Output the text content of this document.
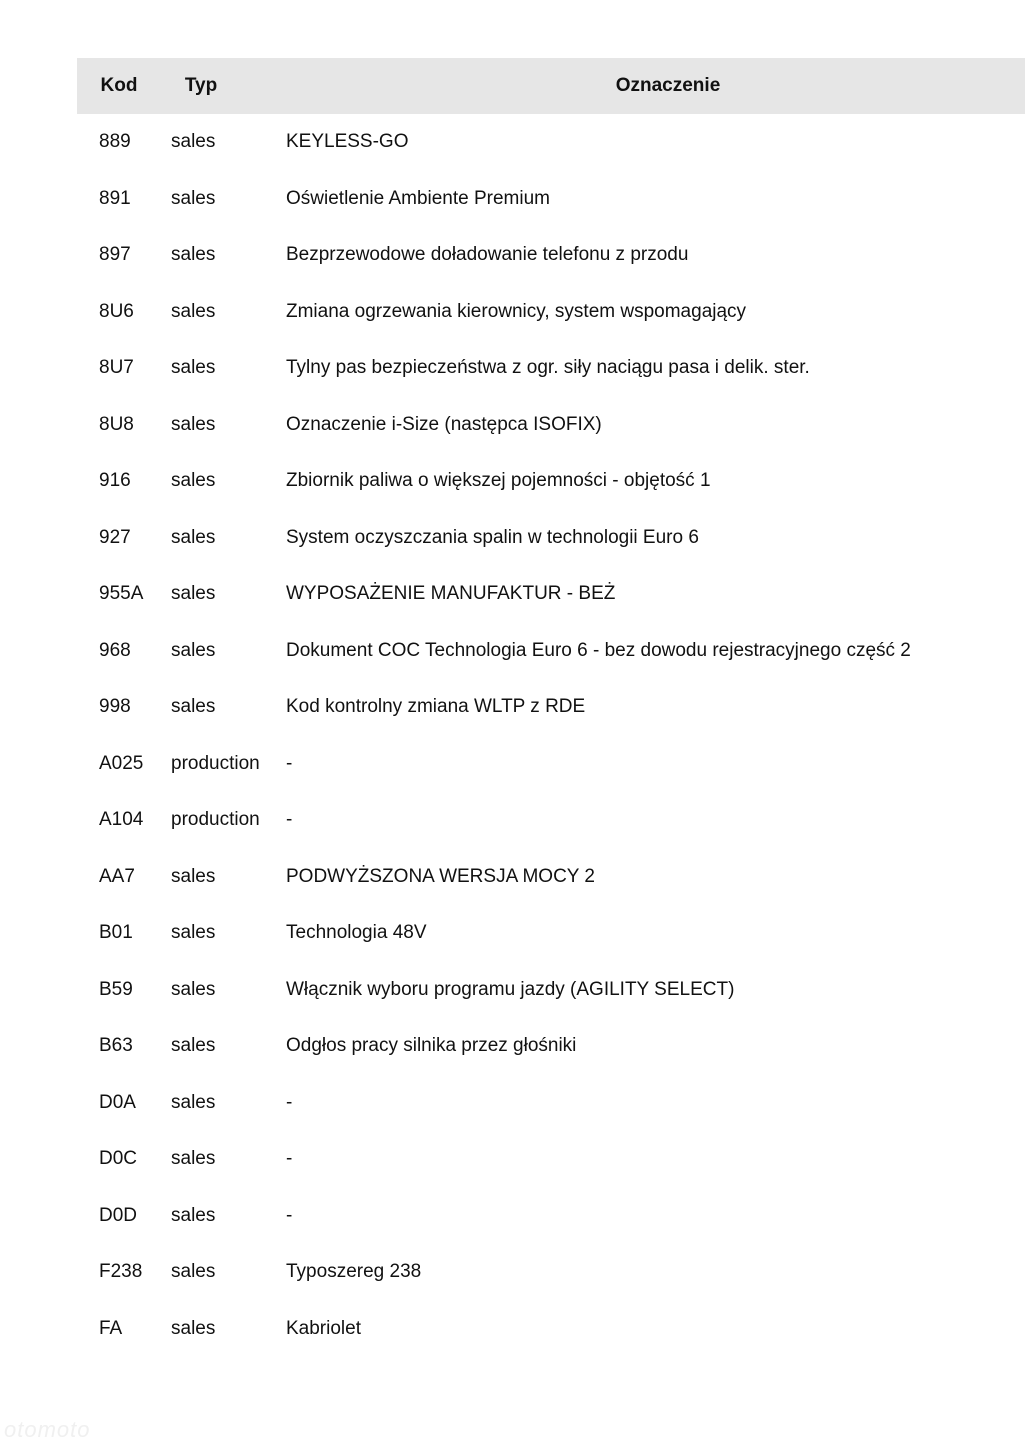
Kod	Typ	Oznaczenie
889	sales	KEYLESS-GO
891	sales	Oświetlenie Ambiente Premium
897	sales	Bezprzewodowe doładowanie telefonu z przodu
8U6	sales	Zmiana ogrzewania kierownicy, system wspomagający
8U7	sales	Tylny pas bezpieczeństwa z ogr. siły naciągu pasa i delik. ster.
8U8	sales	Oznaczenie i-Size (następca ISOFIX)
916	sales	Zbiornik paliwa o większej pojemności - objętość 1
927	sales	System oczyszczania spalin w technologii Euro 6
955A	sales	WYPOSAŻENIE MANUFAKTUR - BEŻ
968	sales	Dokument COC Technologia Euro 6 - bez dowodu rejestracyjnego część 2
998	sales	Kod kontrolny zmiana WLTP z RDE
A025	production	-
A104	production	-
AA7	sales	PODWYŻSZONA WERSJA MOCY 2
B01	sales	Technologia 48V
B59	sales	Włącznik wyboru programu jazdy (AGILITY SELECT)
B63	sales	Odgłos pracy silnika przez głośniki
D0A	sales	-
D0C	sales	-
D0D	sales	-
F238	sales	Typoszereg 238
FA	sales	Kabriolet
otomoto
